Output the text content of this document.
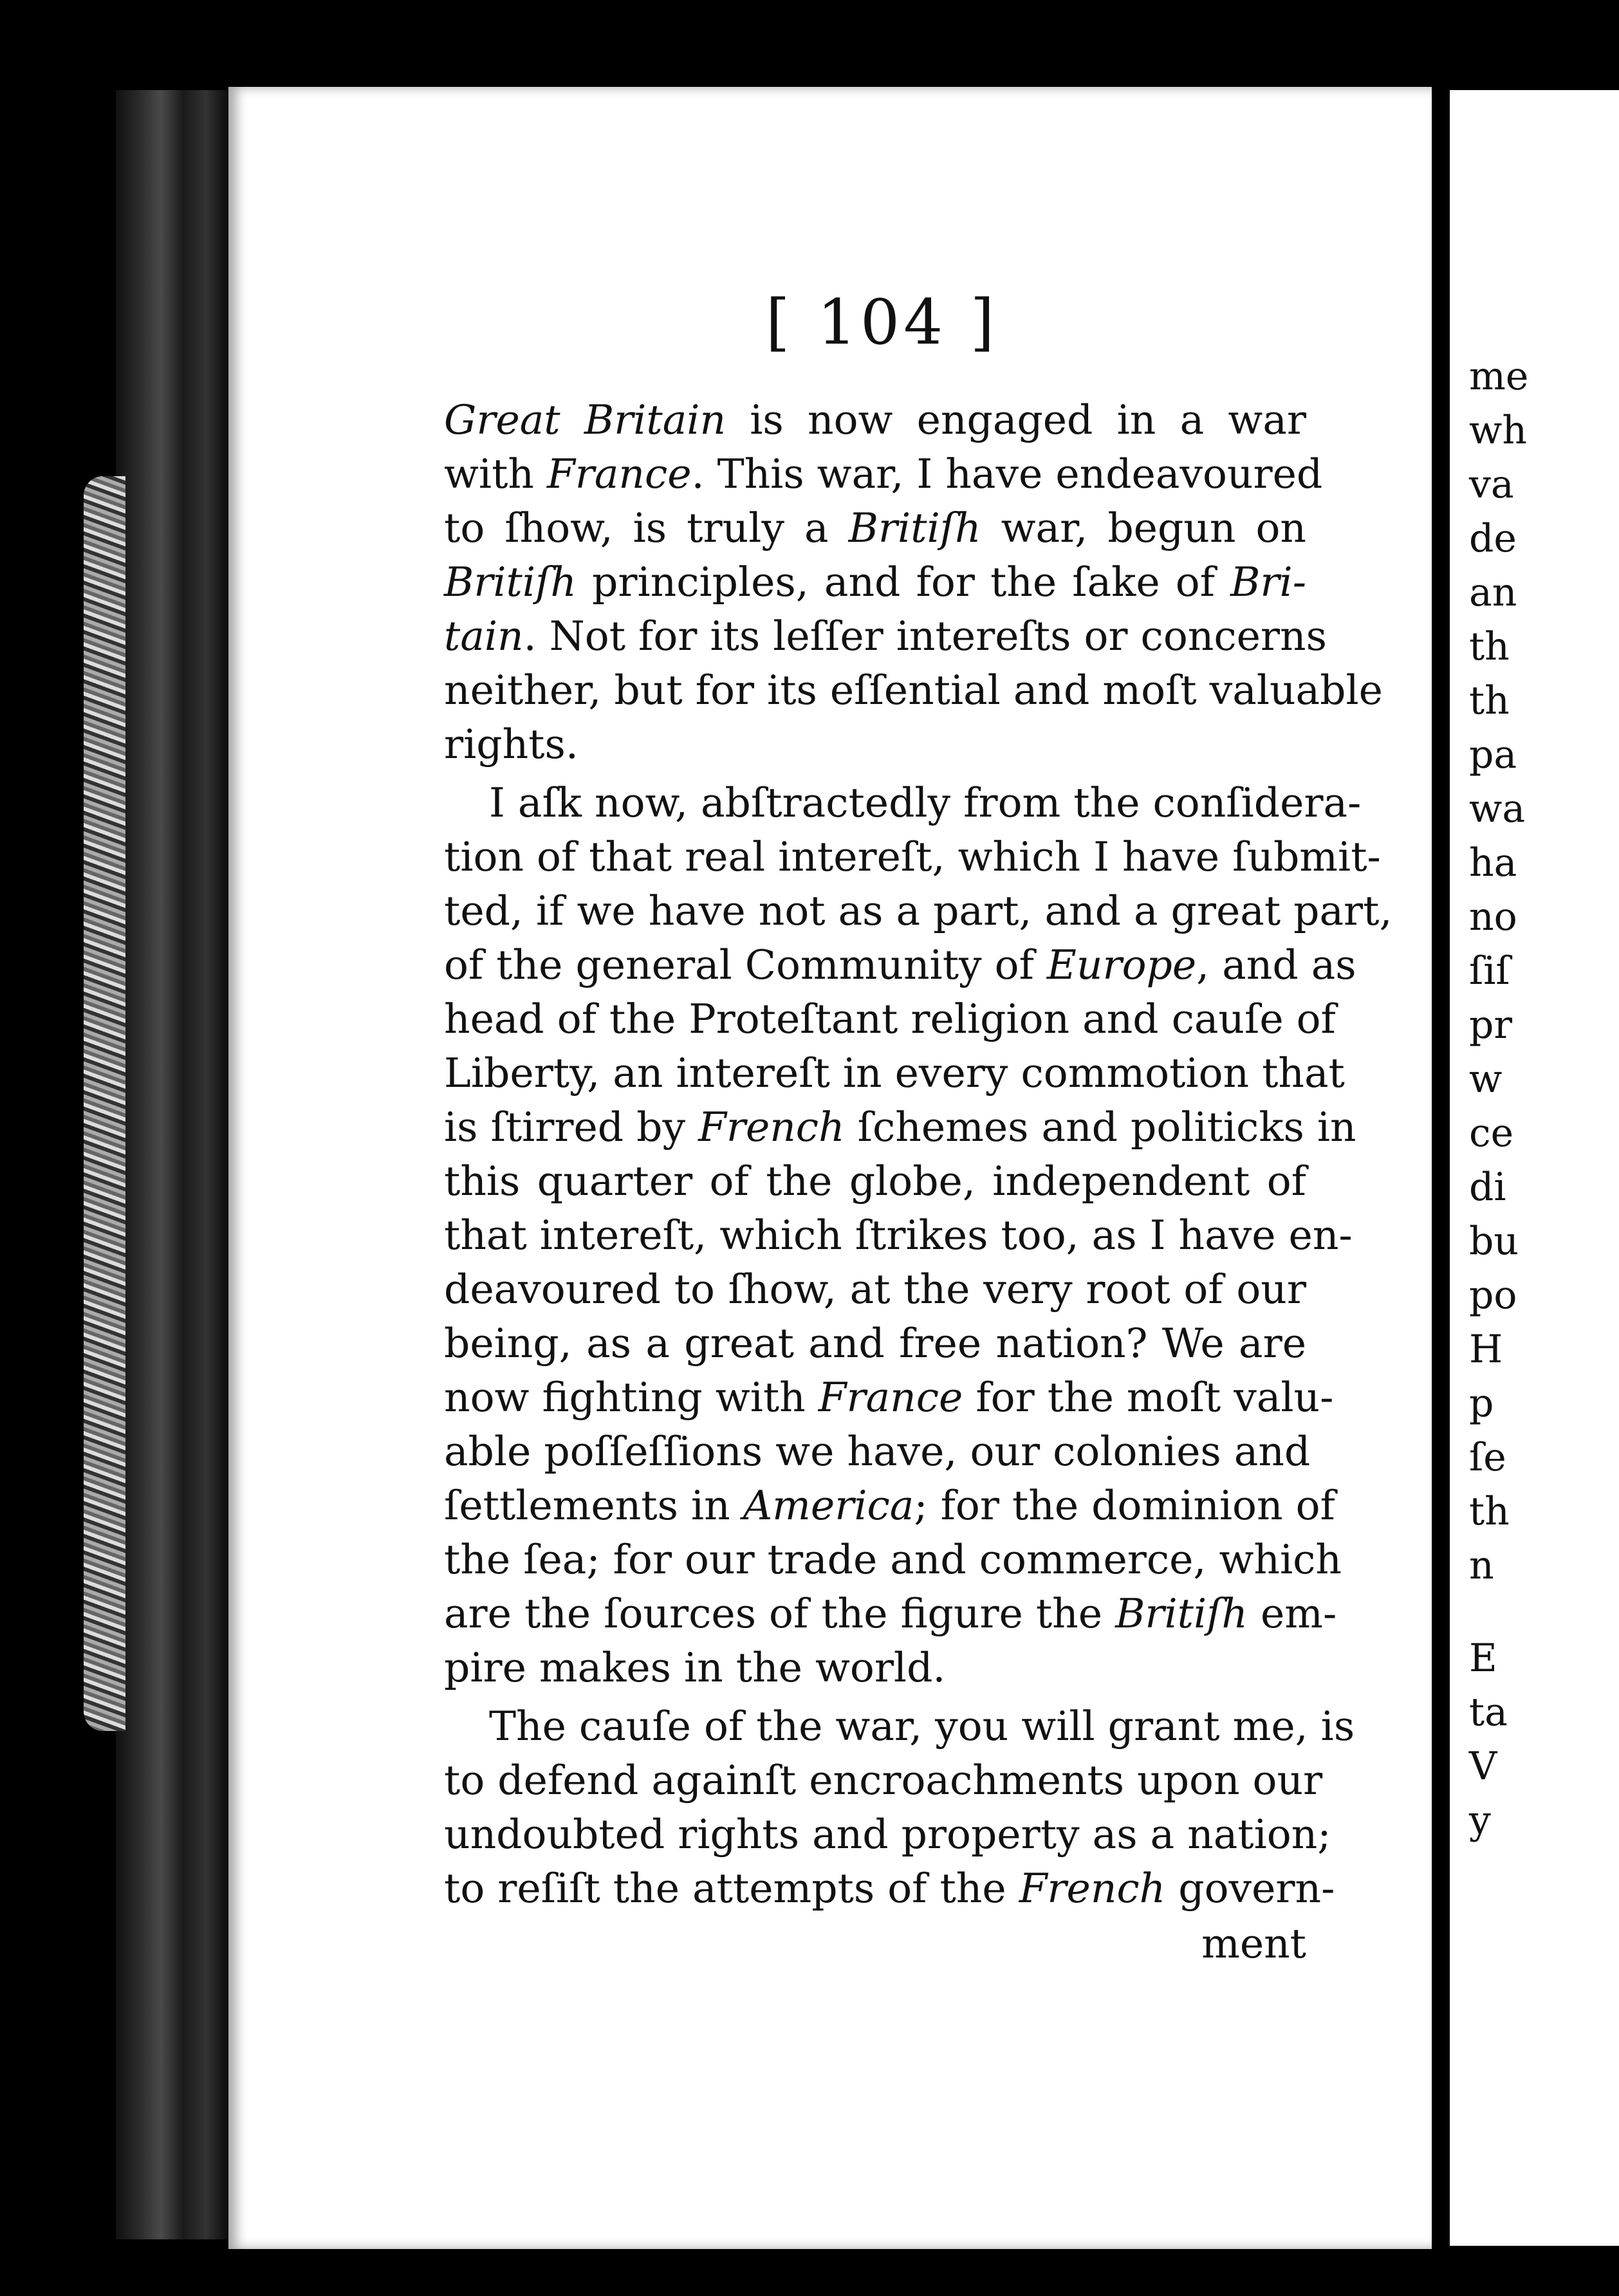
[ 104 ]
Great Britain is now engaged in a war
with France. This war, I have endeavoured
to ſhow, is truly a Britiſh war, begun on
Britiſh principles, and for the ſake of Bri-
tain. Not for its leſſer intereſts or concerns
neither, but for its eſſential and moſt valuable
rights.
I aſk now, abſtractedly from the conſidera-
tion of that real intereſt, which I have ſubmit-
ted, if we have not as a part, and a great part,
of the general Community of Europe, and as
head of the Proteſtant religion and cauſe of
Liberty, an intereſt in every commotion that
is ſtirred by French ſchemes and politicks in
this quarter of the globe, independent of
that intereſt, which ſtrikes too, as I have en-
deavoured to ſhow, at the very root of our
being, as a great and free nation? We are
now fighting with France for the moſt valu-
able poſſeſſions we have, our colonies and
ſettlements in America; for the dominion of
the ſea; for our trade and commerce, which
are the ſources of the figure the Britiſh em-
pire makes in the world.
The cauſe of the war, you will grant me, is
to defend againſt encroachments upon our
undoubted rights and property as a nation;
to reſiſt the attempts of the French govern-
ment
me
wh
va
de
an
th
th
pa
wa
ha
no
ſiſ
pr
w
ce
di
bu
po
H
p
ſe
th
n
E
ta
V
y
